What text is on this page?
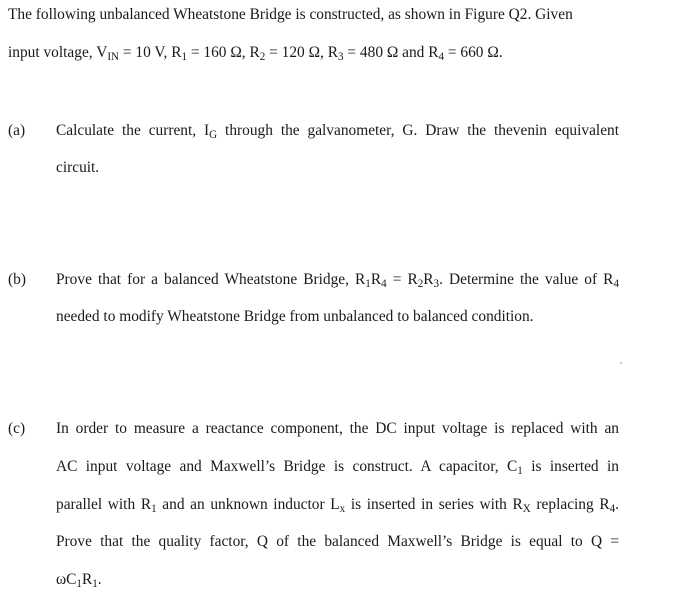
The following unbalanced Wheatstone Bridge is constructed, as shown in Figure Q2. Given
input voltage, $V_{IN} = 10$ V, $R_1 = 160$ Ω, $R_2 = 120$ Ω, $R_3 = 480$ Ω and $R_4 = 660$ Ω.
(a) Calculate the current, $I_G$ through the galvanometer, G. Draw the thevenin equivalent
circuit.
(b) Prove that for a balanced Wheatstone Bridge, $R_1R_4 = R_2R_3$. Determine the value of $R_4$
needed to modify Wheatstone Bridge from unbalanced to balanced condition.
(c) In order to measure a reactance component, the DC input voltage is replaced with an
AC input voltage and Maxwell’s Bridge is construct. A capacitor, $C_1$ is inserted in
parallel with $R_1$ and an unknown inductor $L_x$ is inserted in series with $R_X$ replacing $R_4$.
Prove that the quality factor, Q of the balanced Maxwell’s Bridge is equal to Q =
$\omega C_1R_1$.
